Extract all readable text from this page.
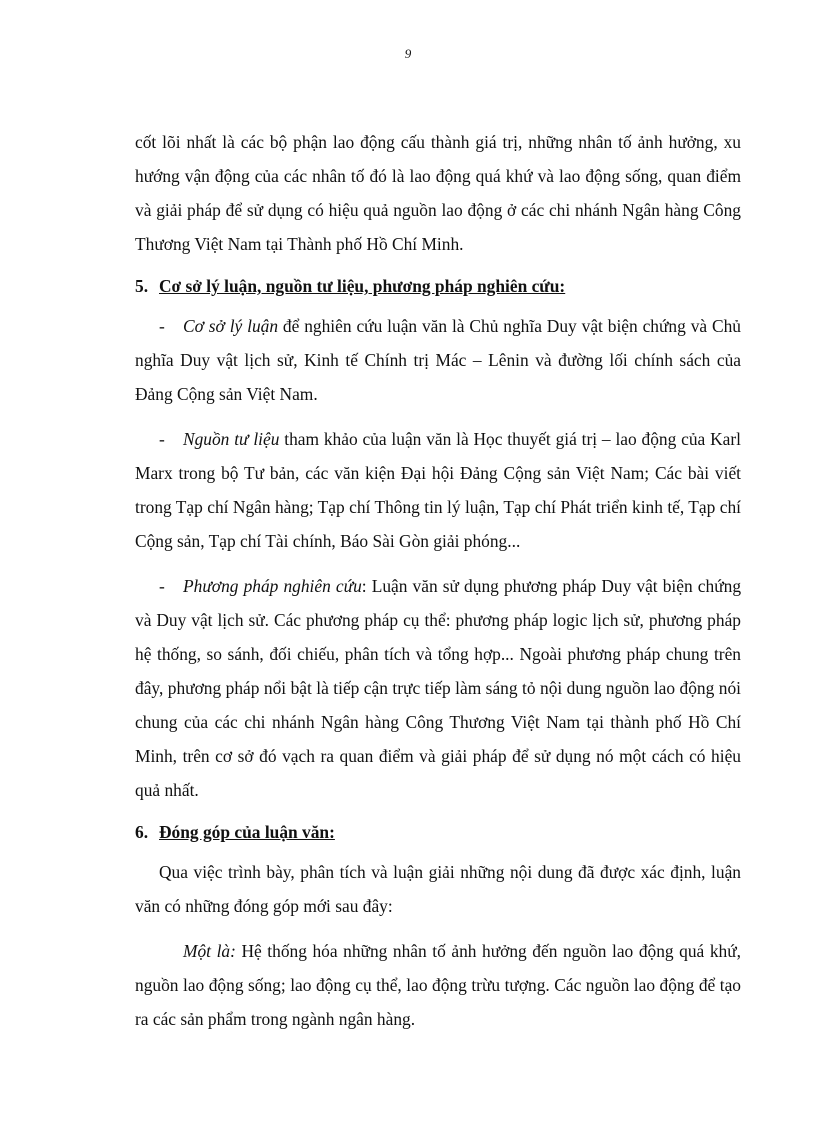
9

cốt lõi nhất là các bộ phận lao động cấu thành giá trị, những nhân tố ảnh hưởng, xu hướng vận động của các nhân tố đó là lao động quá khứ và lao động sống, quan điểm và giải pháp để sử dụng có hiệu quả nguồn lao động ở các chi nhánh Ngân hàng Công Thương Việt Nam tại Thành phố Hồ Chí Minh.

5. Cơ sở lý luận, nguồn tư liệu, phương pháp nghiên cứu:

- Cơ sở lý luận để nghiên cứu luận văn là Chủ nghĩa Duy vật biện chứng và Chủ nghĩa Duy vật lịch sử, Kinh tế Chính trị Mác – Lênin và đường lối chính sách của Đảng Cộng sản Việt Nam.

- Nguồn tư liệu tham khảo của luận văn là Học thuyết giá trị – lao động của Karl Marx trong bộ Tư bản, các văn kiện Đại hội Đảng Cộng sản Việt Nam; Các bài viết trong Tạp chí Ngân hàng; Tạp chí Thông tin lý luận, Tạp chí Phát triển kinh tế, Tạp chí Cộng sản, Tạp chí Tài chính, Báo Sài Gòn giải phóng...

- Phương pháp nghiên cứu: Luận văn sử dụng phương pháp Duy vật biện chứng và Duy vật lịch sử. Các phương pháp cụ thể: phương pháp logic lịch sử, phương pháp hệ thống, so sánh, đối chiếu, phân tích và tổng hợp... Ngoài phương pháp chung trên đây, phương pháp nổi bật là tiếp cận trực tiếp làm sáng tỏ nội dung nguồn lao động nói chung của các chi nhánh Ngân hàng Công Thương Việt Nam tại thành phố Hồ Chí Minh, trên cơ sở đó vạch ra quan điểm và giải pháp để sử dụng nó một cách có hiệu quả nhất.

6. Đóng góp của luận văn:

Qua việc trình bày, phân tích và luận giải những nội dung đã được xác định, luận văn có những đóng góp mới sau đây:

Một là: Hệ thống hóa những nhân tố ảnh hưởng đến nguồn lao động quá khứ, nguồn lao động sống; lao động cụ thể, lao động trừu tượng. Các nguồn lao động để tạo ra các sản phẩm trong ngành ngân hàng.
